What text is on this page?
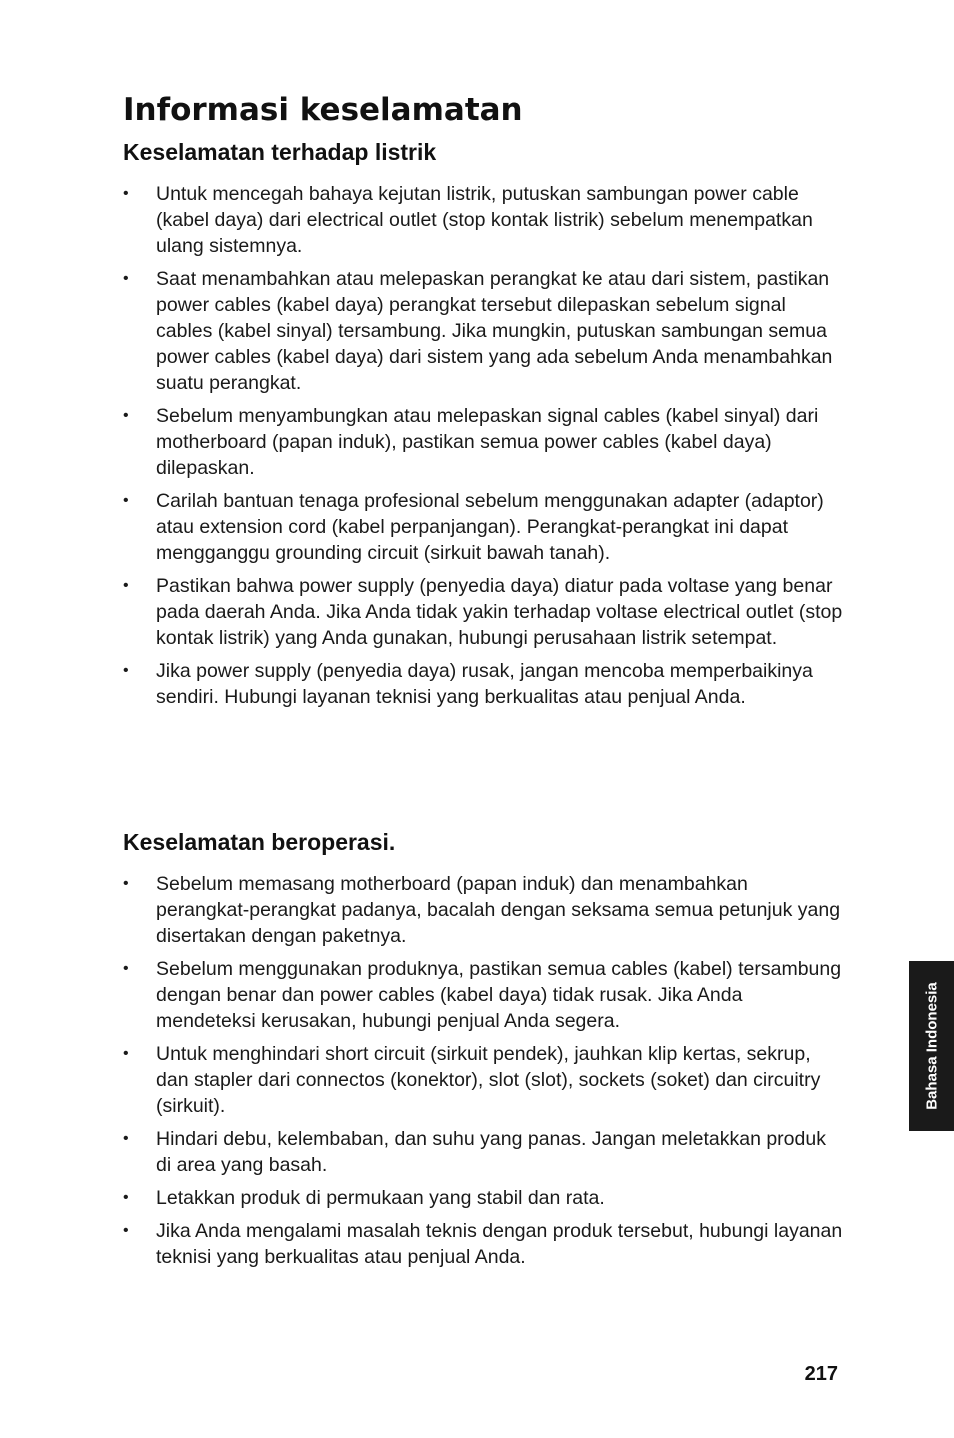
Informasi keselamatan
Keselamatan terhadap listrik
• Untuk mencegah bahaya kejutan listrik, putuskan sambungan power cable (kabel daya) dari electrical outlet (stop kontak listrik) sebelum menempatkan ulang sistemnya.
• Saat menambahkan atau melepaskan perangkat ke atau dari sistem, pastikan power cables (kabel daya) perangkat tersebut dilepaskan sebelum signal cables (kabel sinyal) tersambung. Jika mungkin, putuskan sambungan semua power cables (kabel daya) dari sistem yang ada sebelum Anda menambahkan suatu perangkat.
• Sebelum menyambungkan atau melepaskan signal cables (kabel sinyal) dari motherboard (papan induk), pastikan semua power cables (kabel daya) dilepaskan.
• Carilah bantuan tenaga profesional sebelum menggunakan adapter (adaptor) atau extension cord (kabel perpanjangan). Perangkat-perangkat ini dapat mengganggu grounding circuit (sirkuit bawah tanah).
• Pastikan bahwa power supply (penyedia daya) diatur pada voltase yang benar pada daerah Anda. Jika Anda tidak yakin terhadap voltase electrical outlet (stop kontak listrik) yang Anda gunakan, hubungi perusahaan listrik setempat.
• Jika power supply (penyedia daya) rusak, jangan mencoba memperbaikinya sendiri. Hubungi layanan teknisi yang berkualitas atau penjual Anda.
Keselamatan beroperasi.
• Sebelum memasang motherboard (papan induk) dan menambahkan perangkat-perangkat padanya, bacalah dengan seksama semua petunjuk yang disertakan dengan paketnya.
• Sebelum menggunakan produknya, pastikan semua cables (kabel) tersambung dengan benar dan power cables (kabel daya) tidak rusak. Jika Anda mendeteksi kerusakan, hubungi penjual Anda segera.
• Untuk menghindari short circuit (sirkuit pendek), jauhkan klip kertas, sekrup, dan stapler dari connectos (konektor), slot (slot), sockets (soket) dan circuitry (sirkuit).
• Hindari debu, kelembaban, dan suhu yang panas. Jangan meletakkan produk di area yang basah.
• Letakkan produk di permukaan yang stabil dan rata.
• Jika Anda mengalami masalah teknis dengan produk tersebut, hubungi layanan teknisi yang berkualitas atau penjual Anda.
Bahasa Indonesia
217
